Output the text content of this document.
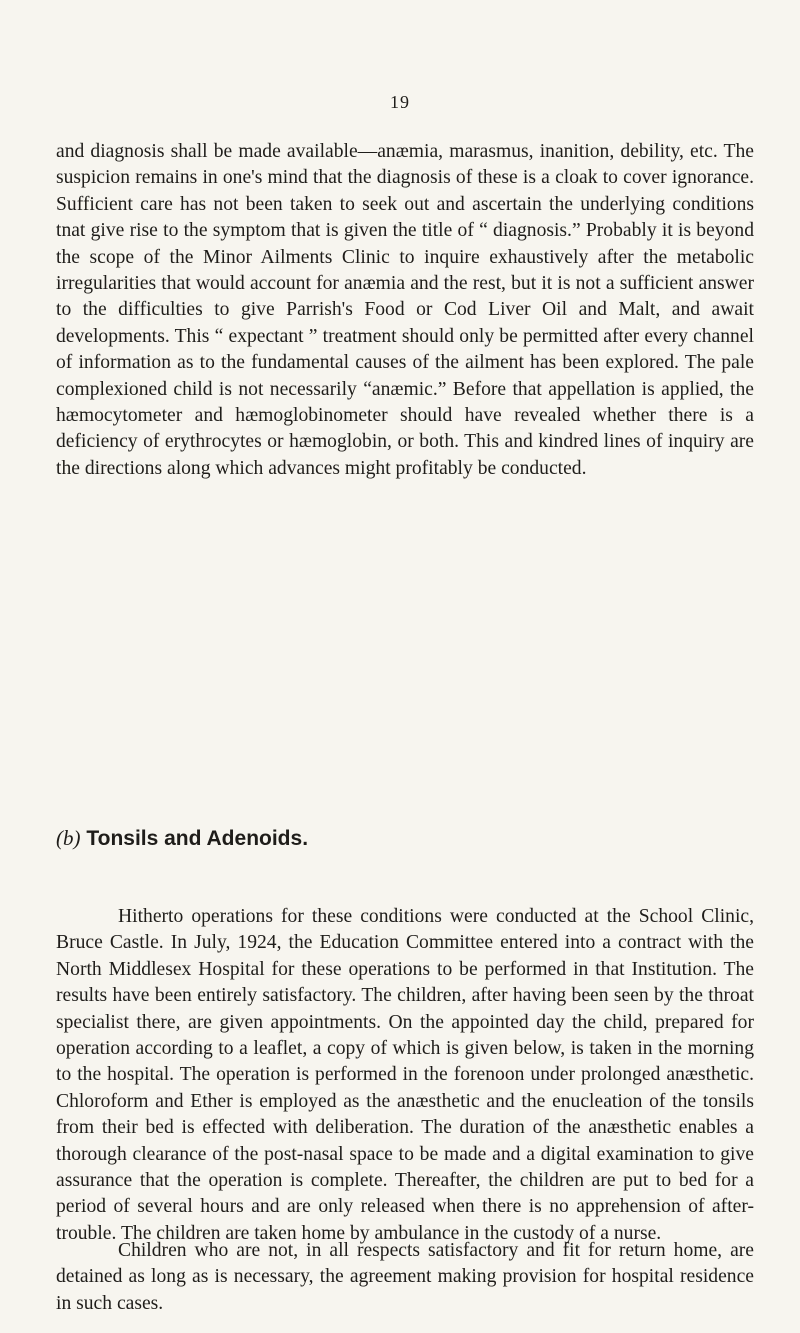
19

and diagnosis shall be made available—anæmia, marasmus, inanition, debility, etc. The suspicion remains in one's mind that the diagnosis of these is a cloak to cover ignorance. Sufficient care has not been taken to seek out and ascertain the underlying conditions tnat give rise to the symptom that is given the title of “ diagnosis.” Probably it is beyond the scope of the Minor Ailments Clinic to inquire exhaustively after the metabolic irregularities that would account for anæmia and the rest, but it is not a sufficient answer to the difficulties to give Parrish's Food or Cod Liver Oil and Malt, and await developments. This “ expectant ” treatment should only be permitted after every channel of information as to the fundamental causes of the ailment has been explored. The pale complexioned child is not necessarily “anæmic.” Before that appellation is applied, the hæmocytometer and hæmoglobinometer should have revealed whether there is a deficiency of erythrocytes or hæmoglobin, or both. This and kindred lines of inquiry are the directions along which advances might profitably be conducted.

(b) Tonsils and Adenoids.

Hitherto operations for these conditions were conducted at the School Clinic, Bruce Castle. In July, 1924, the Education Committee entered into a contract with the North Middlesex Hospital for these operations to be performed in that Institution. The results have been entirely satisfactory. The children, after having been seen by the throat specialist there, are given appointments. On the appointed day the child, prepared for operation according to a leaflet, a copy of which is given below, is taken in the morning to the hospital. The operation is performed in the forenoon under prolonged anæsthetic. Chloroform and Ether is employed as the anæsthetic and the enucleation of the tonsils from their bed is effected with deliberation. The duration of the anæsthetic enables a thorough clearance of the post-nasal space to be made and a digital examination to give assurance that the operation is complete. Thereafter, the children are put to bed for a period of several hours and are only released when there is no apprehension of after-trouble. The children are taken home by ambulance in the custody of a nurse.

Children who are not, in all respects satisfactory and fit for return home, are detained as long as is necessary, the agreement making provision for hospital residence in such cases.
